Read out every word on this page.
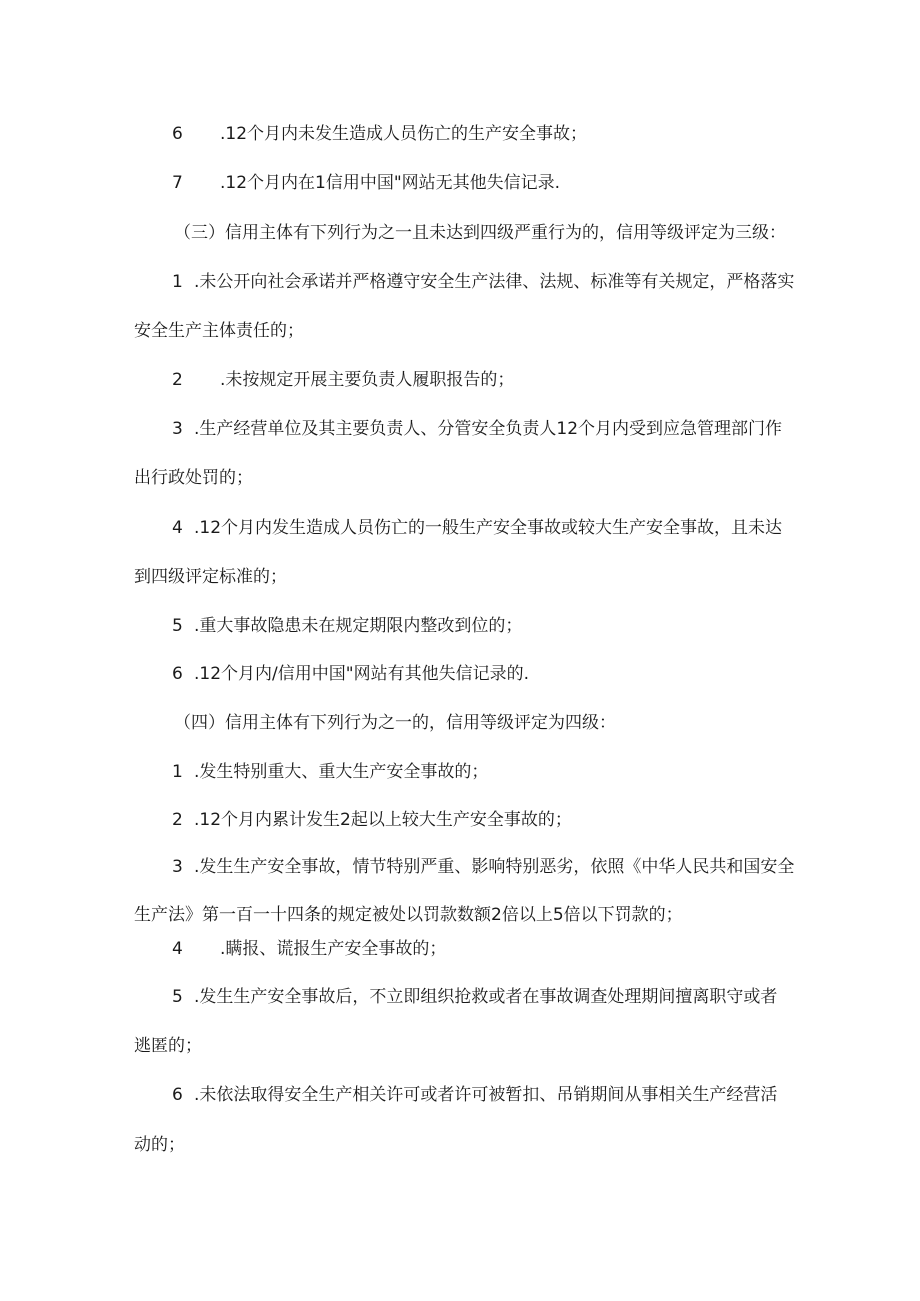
6 .12个月内未发生造成人员伤亡的生产安全事故；
7 .12个月内在1信用中国"网站无其他失信记录.
（三）信用主体有下列行为之一且未达到四级严重行为的，信用等级评定为三级：
1 .未公开向社会承诺并严格遵守安全生产法律、法规、标准等有关规定，严格落实
安全生产主体责任的；
2 .未按规定开展主要负责人履职报告的；
3 .生产经营单位及其主要负责人、分管安全负责人12个月内受到应急管理部门作
出行政处罚的；
4 .12个月内发生造成人员伤亡的一般生产安全事故或较大生产安全事故，且未达
到四级评定标准的；
5 .重大事故隐患未在规定期限内整改到位的；
6 .12个月内/信用中国"网站有其他失信记录的.
（四）信用主体有下列行为之一的，信用等级评定为四级：
1 .发生特别重大、重大生产安全事故的；
2 .12个月内累计发生2起以上较大生产安全事故的；
3 .发生生产安全事故，情节特别严重、影响特别恶劣，依照《中华人民共和国安全
生产法》第一百一十四条的规定被处以罚款数额2倍以上5倍以下罚款的；
4 .瞒报、谎报生产安全事故的；
5 .发生生产安全事故后，不立即组织抢救或者在事故调查处理期间擅离职守或者
逃匿的；
6 .未依法取得安全生产相关许可或者许可被暂扣、吊销期间从事相关生产经营活
动的；
